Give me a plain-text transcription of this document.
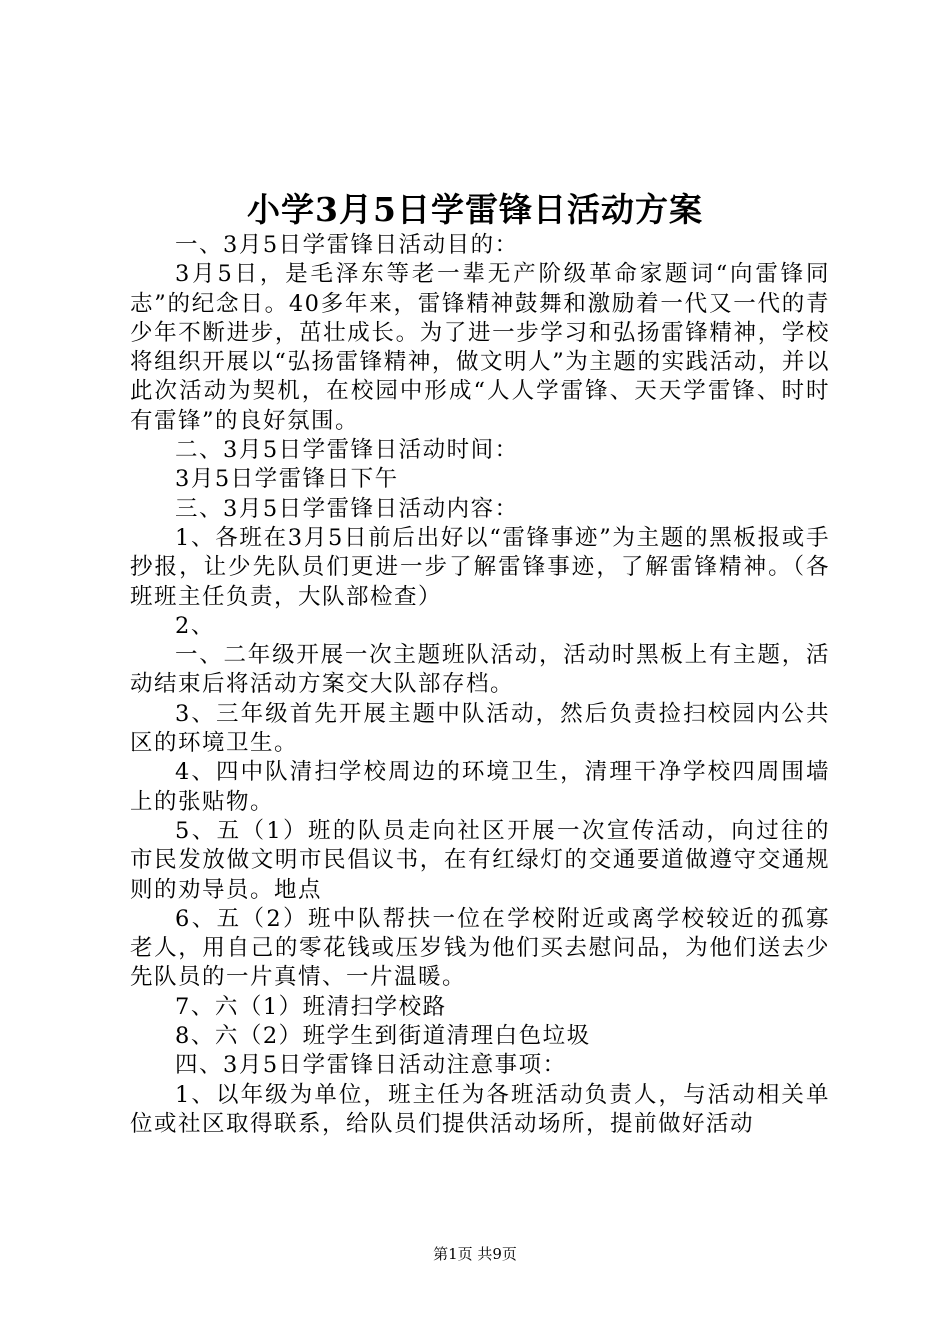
小学3月5日学雷锋日活动方案

一、3月5日学雷锋日活动目的：

3月5日，是毛泽东等老一辈无产阶级革命家题词“向雷锋同志”的纪念日。40多年来，雷锋精神鼓舞和激励着一代又一代的青少年不断进步，茁壮成长。为了进一步学习和弘扬雷锋精神，学校将组织开展以“弘扬雷锋精神，做文明人”为主题的实践活动，并以此次活动为契机，在校园中形成“人人学雷锋、天天学雷锋、时时有雷锋”的良好氛围。

二、3月5日学雷锋日活动时间：

3月5日学雷锋日下午

三、3月5日学雷锋日活动内容：

1、各班在3月5日前后出好以“雷锋事迹”为主题的黑板报或手抄报，让少先队员们更进一步了解雷锋事迹，了解雷锋精神。（各班班主任负责，大队部检查）

2、

一、二年级开展一次主题班队活动，活动时黑板上有主题，活动结束后将活动方案交大队部存档。

3、三年级首先开展主题中队活动，然后负责捡扫校园内公共区的环境卫生。

4、四中队清扫学校周边的环境卫生，清理干净学校四周围墙上的张贴物。

5、五（1）班的队员走向社区开展一次宣传活动，向过往的市民发放做文明市民倡议书，在有红绿灯的交通要道做遵守交通规则的劝导员。地点

6、五（2）班中队帮扶一位在学校附近或离学校较近的孤寡老人，用自己的零花钱或压岁钱为他们买去慰问品，为他们送去少先队员的一片真情、一片温暖。

7、六（1）班清扫学校路

8、六（2）班学生到街道清理白色垃圾

四、3月5日学雷锋日活动注意事项：

1、以年级为单位，班主任为各班活动负责人，与活动相关单位或社区取得联系，给队员们提供活动场所，提前做好活动

第1页 共9页
